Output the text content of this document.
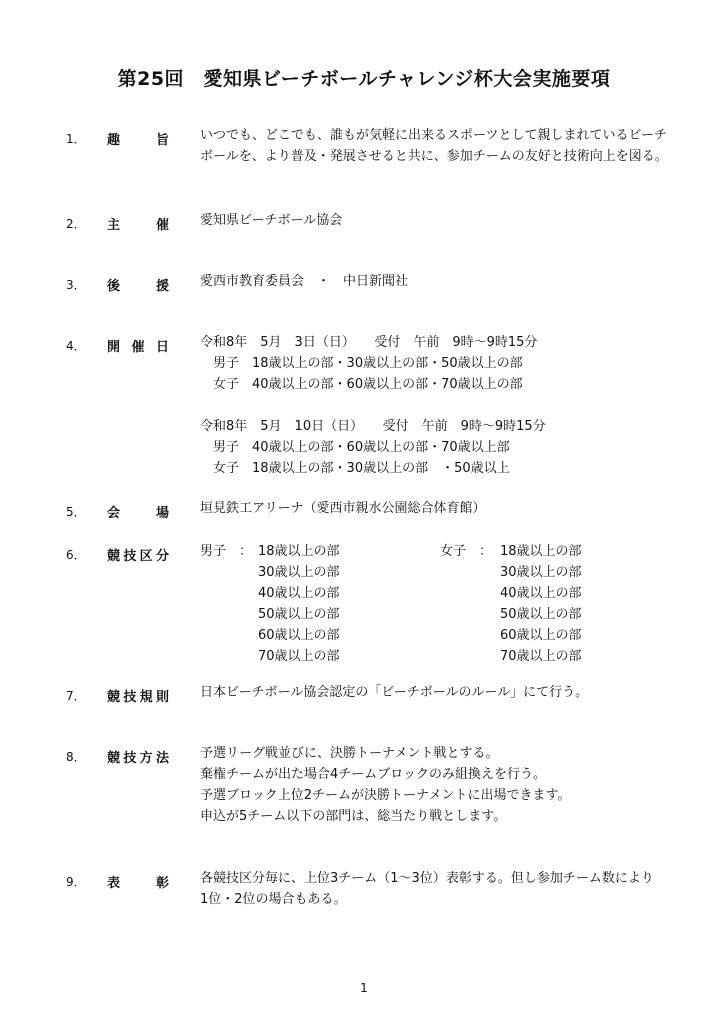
第25回　愛知県ビーチボールチャレンジ杯大会実施要項
1． 趣　旨 いつでも、どこでも、誰もが気軽に出来るスポーツとして親しまれているビーチ
ボールを、より普及・発展させると共に、参加チームの友好と技術向上を図る。
2． 主　催 愛知県ビーチボール協会
3． 後　援 愛西市教育委員会　・　中日新聞社
4． 開 催 日 令和8年　5月　3日（日）　　受付　午前　9時～9時15分
　男子　18歳以上の部・30歳以上の部・50歳以上の部
　女子　40歳以上の部・60歳以上の部・70歳以上の部
令和8年　5月　10日（日）　　受付　午前　9時～9時15分
　男子　40歳以上の部・60歳以上の部・70歳以上部
　女子　18歳以上の部・30歳以上の部　・50歳以上
5． 会　場 垣見鉄工アリーナ（愛西市親水公園総合体育館）
6． 競技区分 男子　： 18歳以上の部
30歳以上の部
40歳以上の部
50歳以上の部
60歳以上の部
70歳以上の部
女子　： 18歳以上の部
30歳以上の部
40歳以上の部
50歳以上の部
60歳以上の部
70歳以上の部
7． 競技規則 日本ビーチボール協会認定の「ビーチボールのルール」にて行う。
8． 競技方法 予選リーグ戦並びに、決勝トーナメント戦とする。
棄権チームが出た場合4チームブロックのみ組換えを行う。
予選ブロック上位2チームが決勝トーナメントに出場できます。
申込が5チーム以下の部門は、総当たり戦とします。
9． 表　彰 各競技区分毎に、上位3チーム（1～3位）表彰する。但し参加チーム数により
1位・2位の場合もある。
1
